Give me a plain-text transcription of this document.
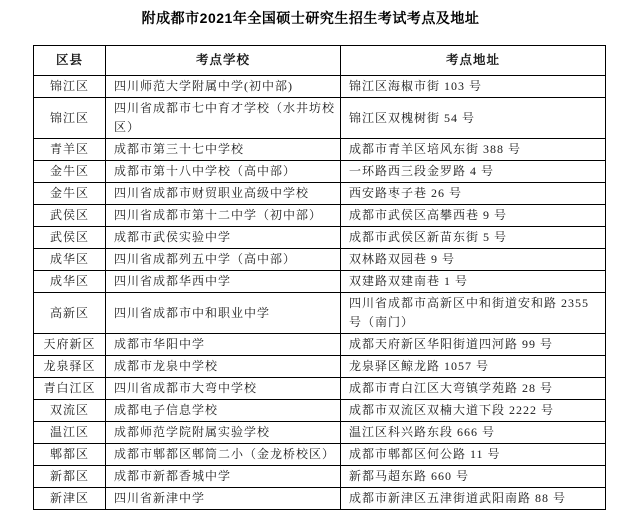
附成都市2021年全国硕士研究生招生考试考点及地址
区县	考点学校	考点地址
锦江区	四川师范大学附属中学(初中部)	锦江区海椒市街 103 号
锦江区	四川省成都市七中育才学校（水井坊校区）	锦江区双槐树街 54 号
青羊区	成都市第三十七中学校	成都市青羊区培风东街 388 号
金牛区	成都市第十八中学校（高中部）	一环路西三段金罗路 4 号
金牛区	四川省成都市财贸职业高级中学校	西安路枣子巷 26 号
武侯区	四川省成都市第十二中学（初中部）	成都市武侯区高攀西巷 9 号
武侯区	成都市武侯实验中学	成都市武侯区新苗东街 5 号
成华区	四川省成都列五中学（高中部）	双林路双园巷 9 号
成华区	四川省成都华西中学	双建路双建南巷 1 号
高新区	四川省成都市中和职业中学	四川省成都市高新区中和街道安和路 2355 号（南门）
天府新区	成都市华阳中学	成都天府新区华阳街道四河路 99 号
龙泉驿区	成都市龙泉中学校	龙泉驿区鲸龙路 1057 号
青白江区	四川省成都市大弯中学校	成都市青白江区大弯镇学苑路 28 号
双流区	成都电子信息学校	成都市双流区双楠大道下段 2222 号
温江区	成都师范学院附属实验学校	温江区科兴路东段 666 号
郫都区	成都市郫都区郫筒二小（金龙桥校区）	成都市郫都区何公路 11 号
新都区	成都市新都香城中学	新都马超东路 660 号
新津区	四川省新津中学	成都市新津区五津街道武阳南路 88 号
